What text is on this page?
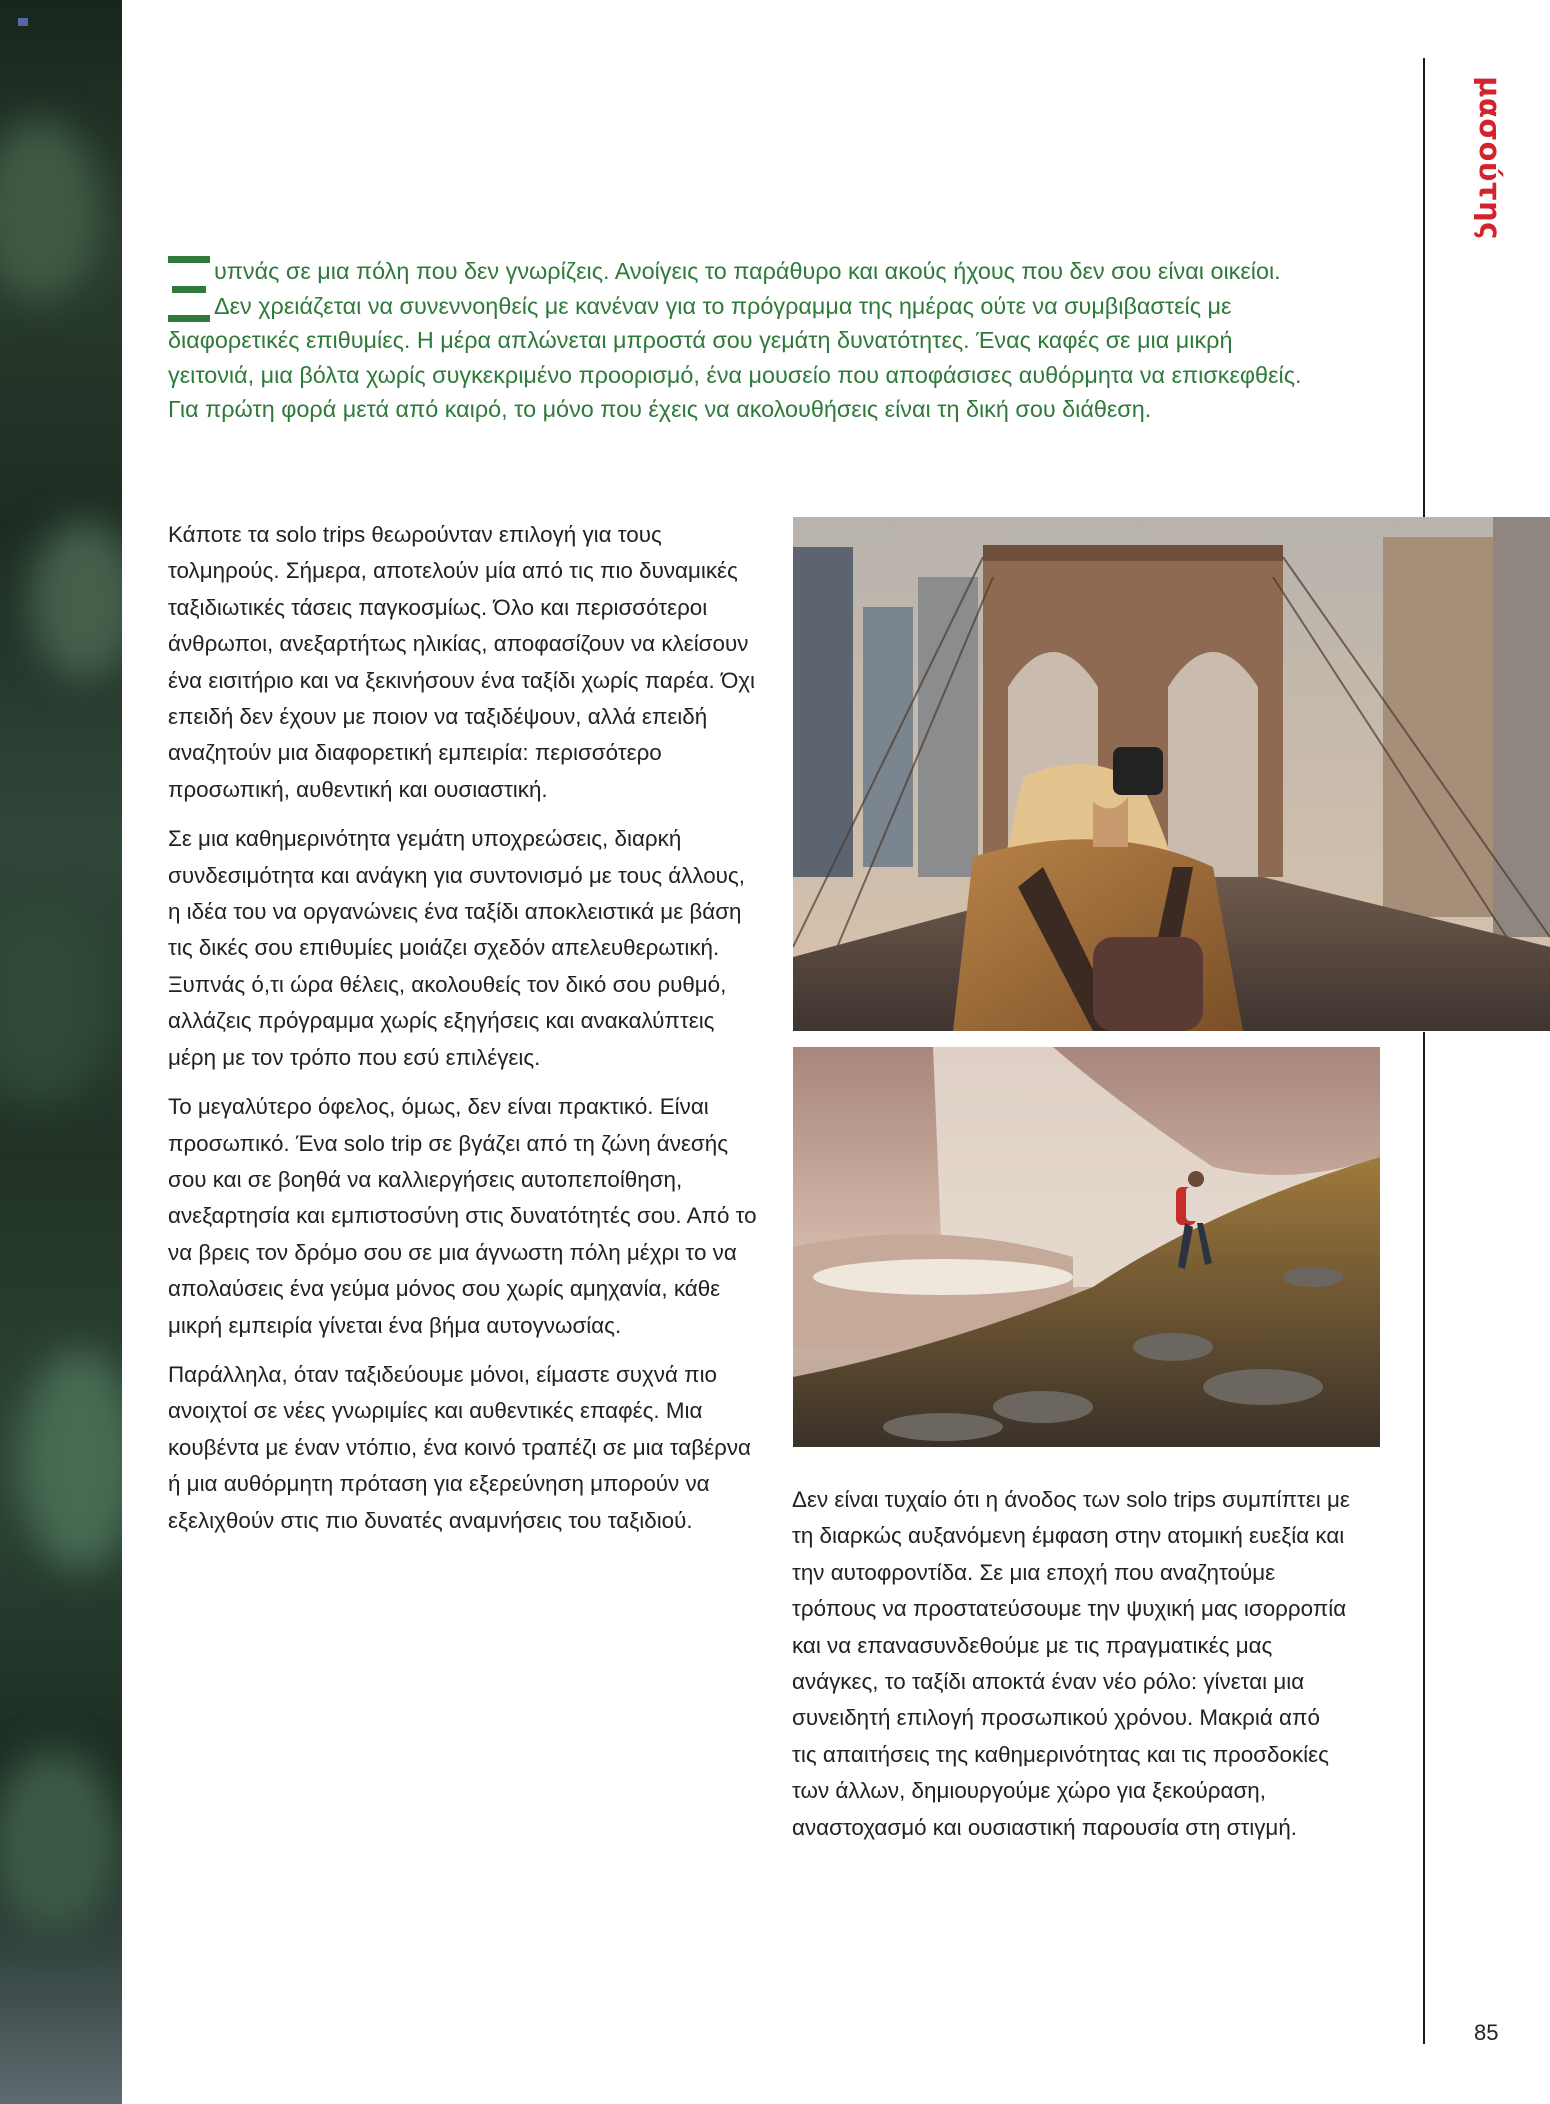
μασούτης
υπνάς σε μια πόλη που δεν γνωρίζεις. Ανοίγεις το παράθυρο και ακούς ήχους που δεν σου είναι οικείοι.
Δεν χρειάζεται να συνεννοηθείς με κανέναν για το πρόγραμμα της ημέρας ούτε να συμβιβαστείς με
διαφορετικές επιθυμίες. Η μέρα απλώνεται μπροστά σου γεμάτη δυνατότητες. Ένας καφές σε μια μικρή
γειτονιά, μια βόλτα χωρίς συγκεκριμένο προορισμό, ένα μουσείο που αποφάσισες αυθόρμητα να επισκεφθείς.
Για πρώτη φορά μετά από καιρό, το μόνο που έχεις να ακολουθήσεις είναι τη δική σου διάθεση.

Κάποτε τα solo trips θεωρούνταν επιλογή για τους τολμηρούς. Σήμερα, αποτελούν μία από τις πιο δυναμικές ταξιδιωτικές τάσεις παγκοσμίως. Όλο και περισσότεροι άνθρωποι, ανεξαρτήτως ηλικίας, αποφασίζουν να κλείσουν ένα εισιτήριο και να ξεκινήσουν ένα ταξίδι χωρίς παρέα. Όχι επειδή δεν έχουν με ποιον να ταξιδέψουν, αλλά επειδή αναζητούν μια διαφορετική εμπειρία: περισσότερο προσωπική, αυθεντική και ουσιαστική.

Σε μια καθημερινότητα γεμάτη υποχρεώσεις, διαρκή συνδεσιμότητα και ανάγκη για συντονισμό με τους άλλους, η ιδέα του να οργανώνεις ένα ταξίδι αποκλειστικά με βάση τις δικές σου επιθυμίες μοιάζει σχεδόν απελευθερωτική. Ξυπνάς ό,τι ώρα θέλεις, ακολουθείς τον δικό σου ρυθμό, αλλάζεις πρόγραμμα χωρίς εξηγήσεις και ανακαλύπτεις μέρη με τον τρόπο που εσύ επιλέγεις.

Το μεγαλύτερο όφελος, όμως, δεν είναι πρακτικό. Είναι προσωπικό. Ένα solo trip σε βγάζει από τη ζώνη άνεσής σου και σε βοηθά να καλλιεργήσεις αυτοπεποίθηση, ανεξαρτησία και εμπιστοσύνη στις δυνατότητές σου. Από το να βρεις τον δρόμο σου σε μια άγνωστη πόλη μέχρι το να απολαύσεις ένα γεύμα μόνος σου χωρίς αμηχανία, κάθε μικρή εμπειρία γίνεται ένα βήμα αυτογνωσίας.

Παράλληλα, όταν ταξιδεύουμε μόνοι, είμαστε συχνά πιο ανοιχτοί σε νέες γνωριμίες και αυθεντικές επαφές. Μια κουβέντα με έναν ντόπιο, ένα κοινό τραπέζι σε μια ταβέρνα ή μια αυθόρμητη πρόταση για εξερεύνηση μπορούν να εξελιχθούν στις πιο δυνατές αναμνήσεις του ταξιδιού.

Δεν είναι τυχαίο ότι η άνοδος των solo trips συμπίπτει με τη διαρκώς αυξανόμενη έμφαση στην ατομική ευεξία και την αυτοφροντίδα. Σε μια εποχή που αναζητούμε τρόπους να προστατεύσουμε την ψυχική μας ισορροπία και να επανασυνδεθούμε με τις πραγματικές μας ανάγκες, το ταξίδι αποκτά έναν νέο ρόλο: γίνεται μια συνειδητή επιλογή προσωπικού χρόνου. Μακριά από τις απαιτήσεις της καθημερινότητας και τις προσδοκίες των άλλων, δημιουργούμε χώρο για ξεκούραση, αναστοχασμό και ουσιαστική παρουσία στη στιγμή.

85
